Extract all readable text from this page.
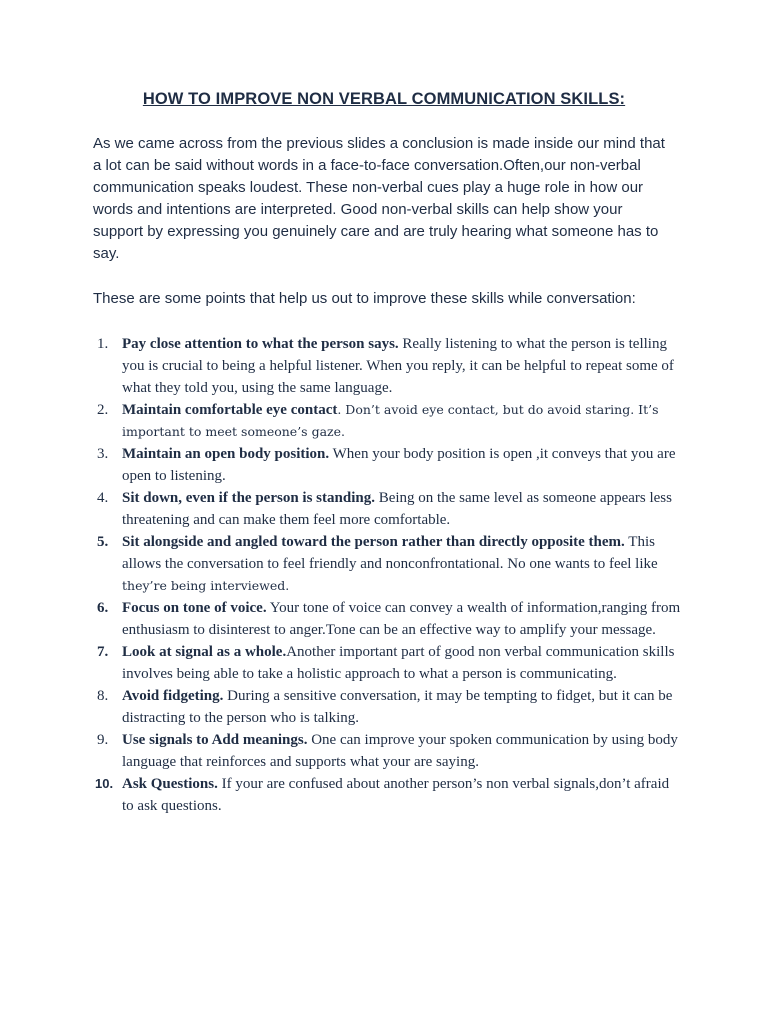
HOW TO IMPROVE NON VERBAL COMMUNICATION SKILLS:

As we came across from the previous slides a conclusion is made inside our mind that a lot can be said without words in a face-to-face conversation.Often,our non-verbal communication speaks loudest. These non-verbal cues play a huge role in how our words and intentions are interpreted. Good non-verbal skills can help show your support by expressing you genuinely care and are truly hearing what someone has to say.

These are some points that help us out to improve these skills while conversation:

1. Pay close attention to what the person says. Really listening to what the person is telling you is crucial to being a helpful listener. When you reply, it can be helpful to repeat some of what they told you, using the same language.
2. Maintain comfortable eye contact. Don’t avoid eye contact, but do avoid staring. It’s important to meet someone’s gaze.
3. Maintain an open body position. When your body position is open ,it conveys that you are open to listening.
4. Sit down, even if the person is standing. Being on the same level as someone appears less threatening and can make them feel more comfortable.
5. Sit alongside and angled toward the person rather than directly opposite them. This allows the conversation to feel friendly and nonconfrontational. No one wants to feel like they’re being interviewed.
6. Focus on tone of voice. Your tone of voice can convey a wealth of information,ranging from enthusiasm to disinterest to anger.Tone can be an effective way to amplify your message.
7. Look at signal as a whole.Another important part of good non verbal communication skills involves being able to take a holistic approach to what a person is communicating.
8. Avoid fidgeting. During a sensitive conversation, it may be tempting to fidget, but it can be distracting to the person who is talking.
9. Use signals to Add meanings. One can improve your spoken communication by using body language that reinforces and supports what your are saying.
10. Ask Questions. If your are confused about another person’s non verbal signals,don’t afraid to ask questions.
